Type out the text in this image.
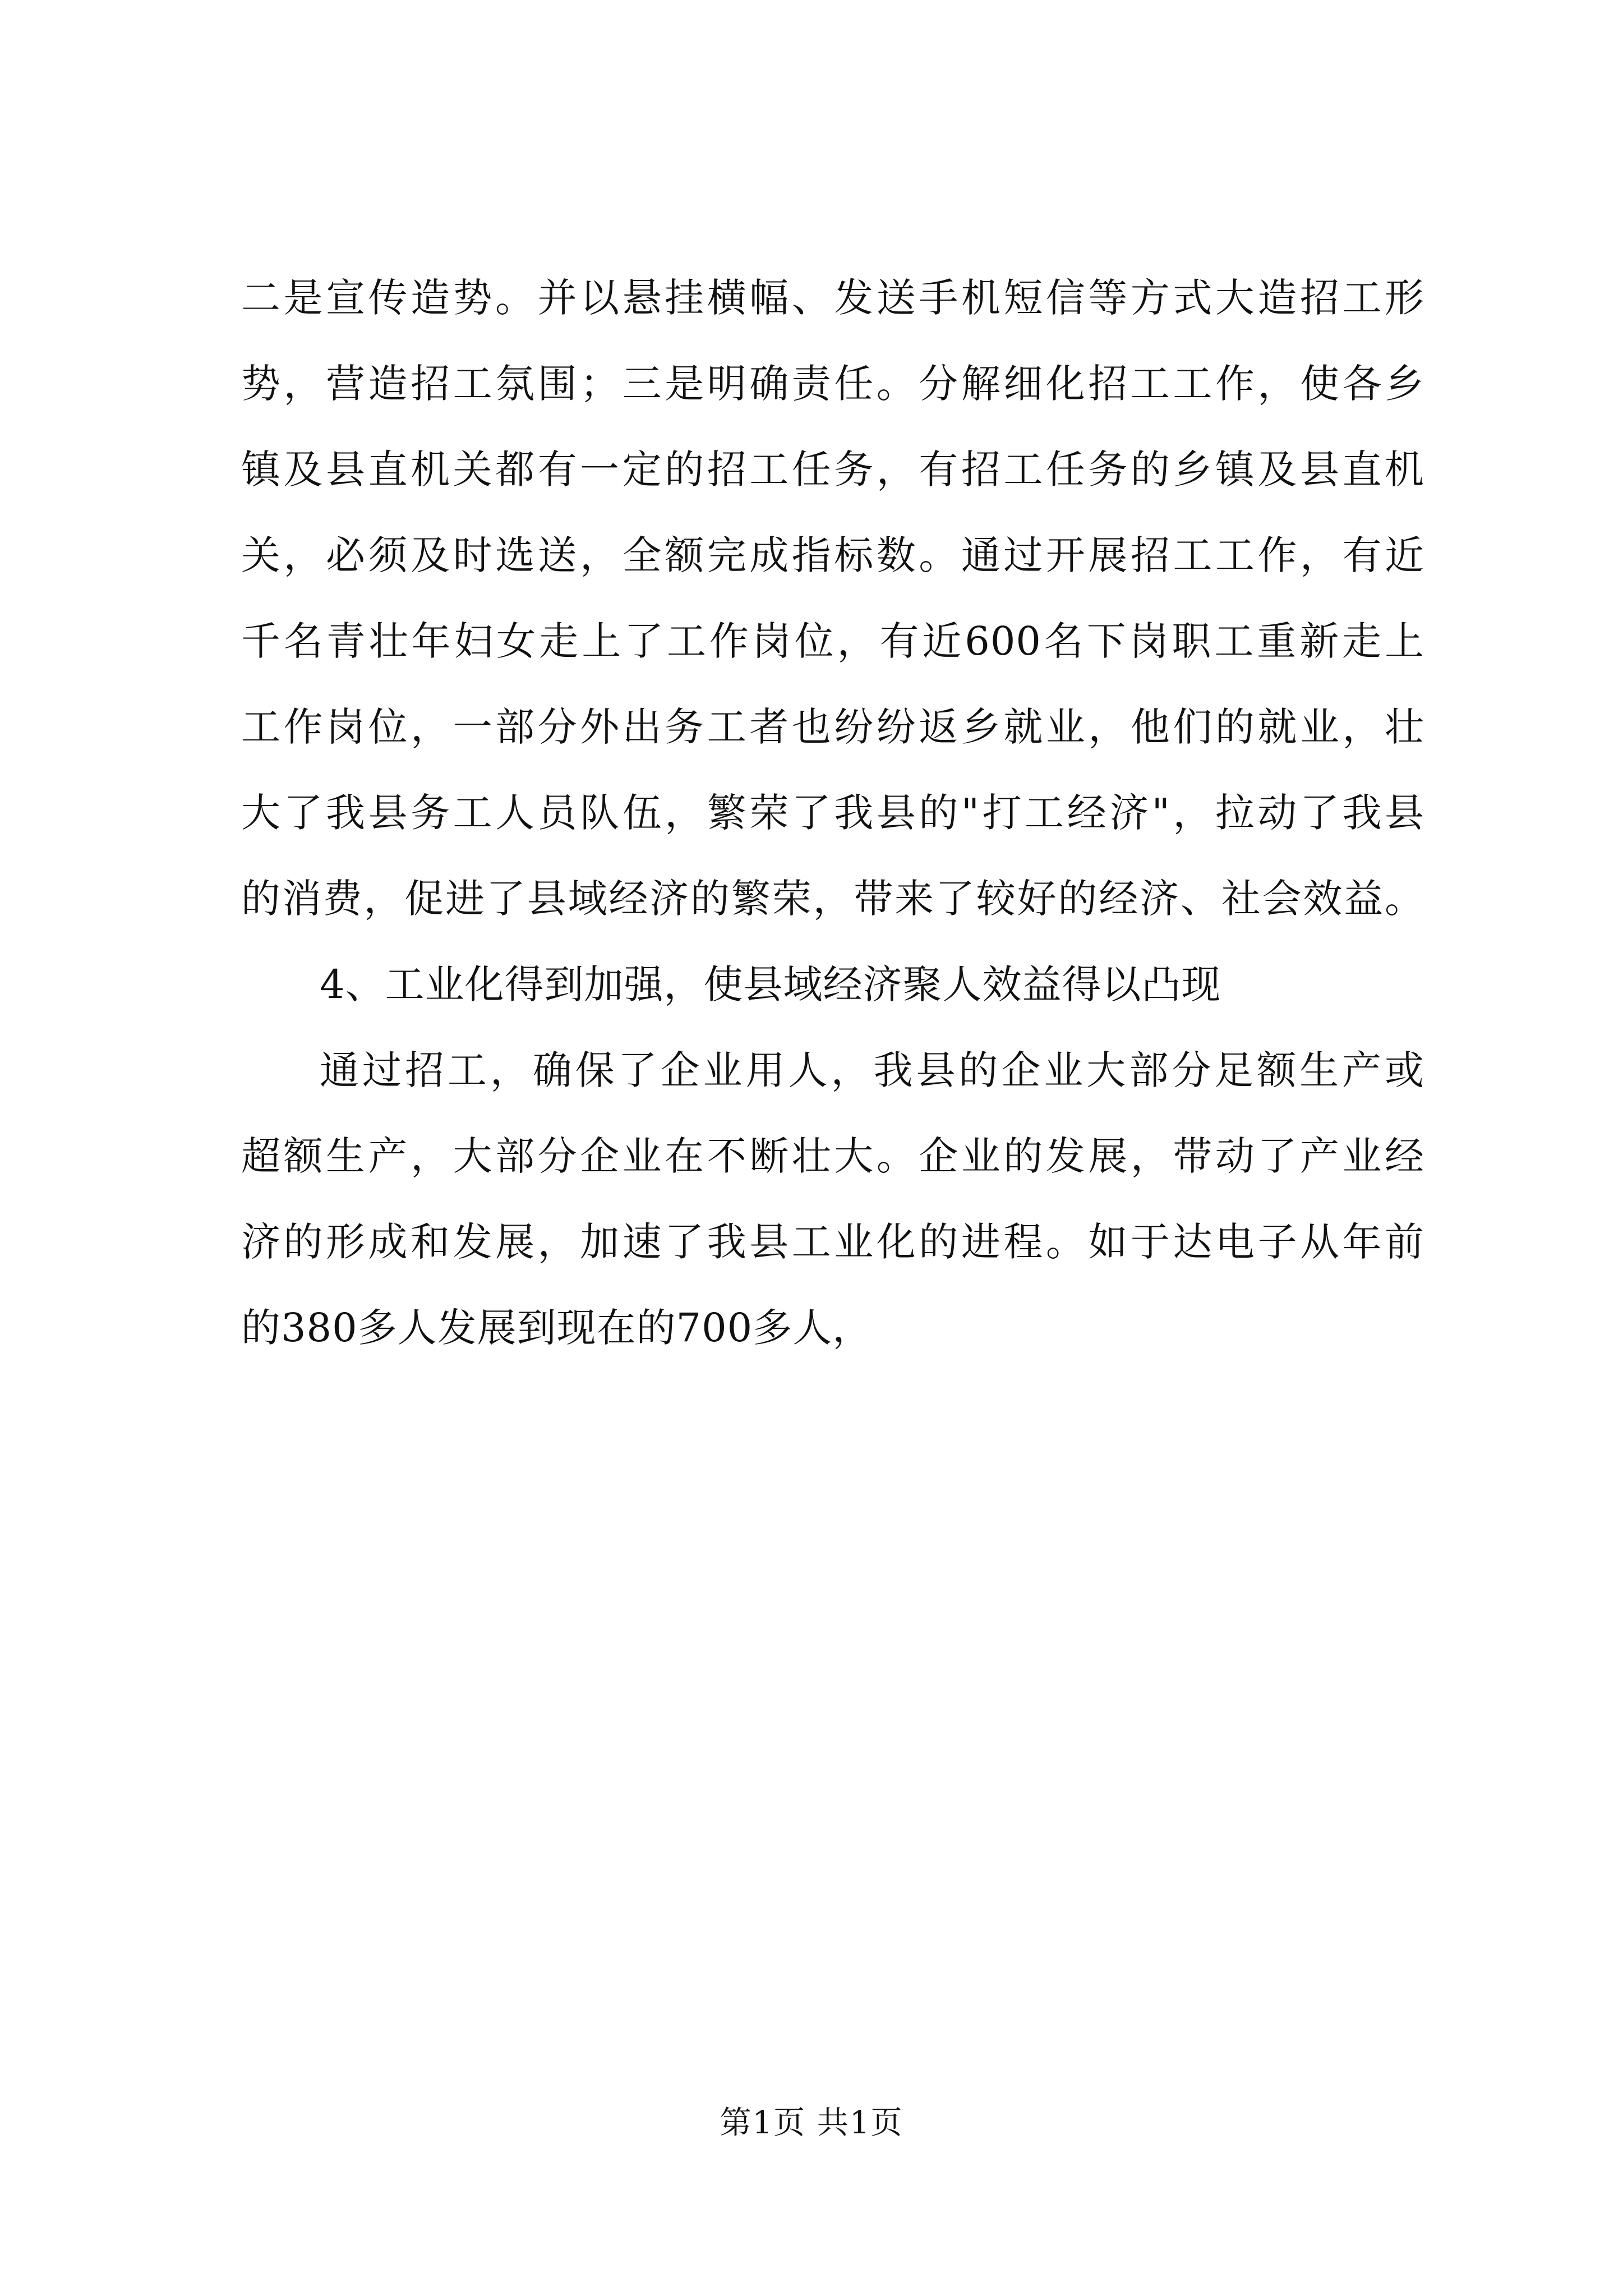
二是宣传造势。并以悬挂横幅、发送手机短信等方式大造招工形
势，营造招工氛围；三是明确责任。分解细化招工工作，使各乡
镇及县直机关都有一定的招工任务，有招工任务的乡镇及县直机
关，必须及时选送，全额完成指标数。通过开展招工工作，有近
千名青壮年妇女走上了工作岗位，有近600名下岗职工重新走上
工作岗位，一部分外出务工者也纷纷返乡就业，他们的就业，壮
大了我县务工人员队伍，繁荣了我县的"打工经济"，拉动了我县
的消费，促进了县域经济的繁荣，带来了较好的经济、社会效益。
4、工业化得到加强，使县域经济聚人效益得以凸现
通过招工，确保了企业用人，我县的企业大部分足额生产或
超额生产，大部分企业在不断壮大。企业的发展，带动了产业经
济的形成和发展，加速了我县工业化的进程。如于达电子从年前
的380多人发展到现在的700多人，
第1页 共1页
